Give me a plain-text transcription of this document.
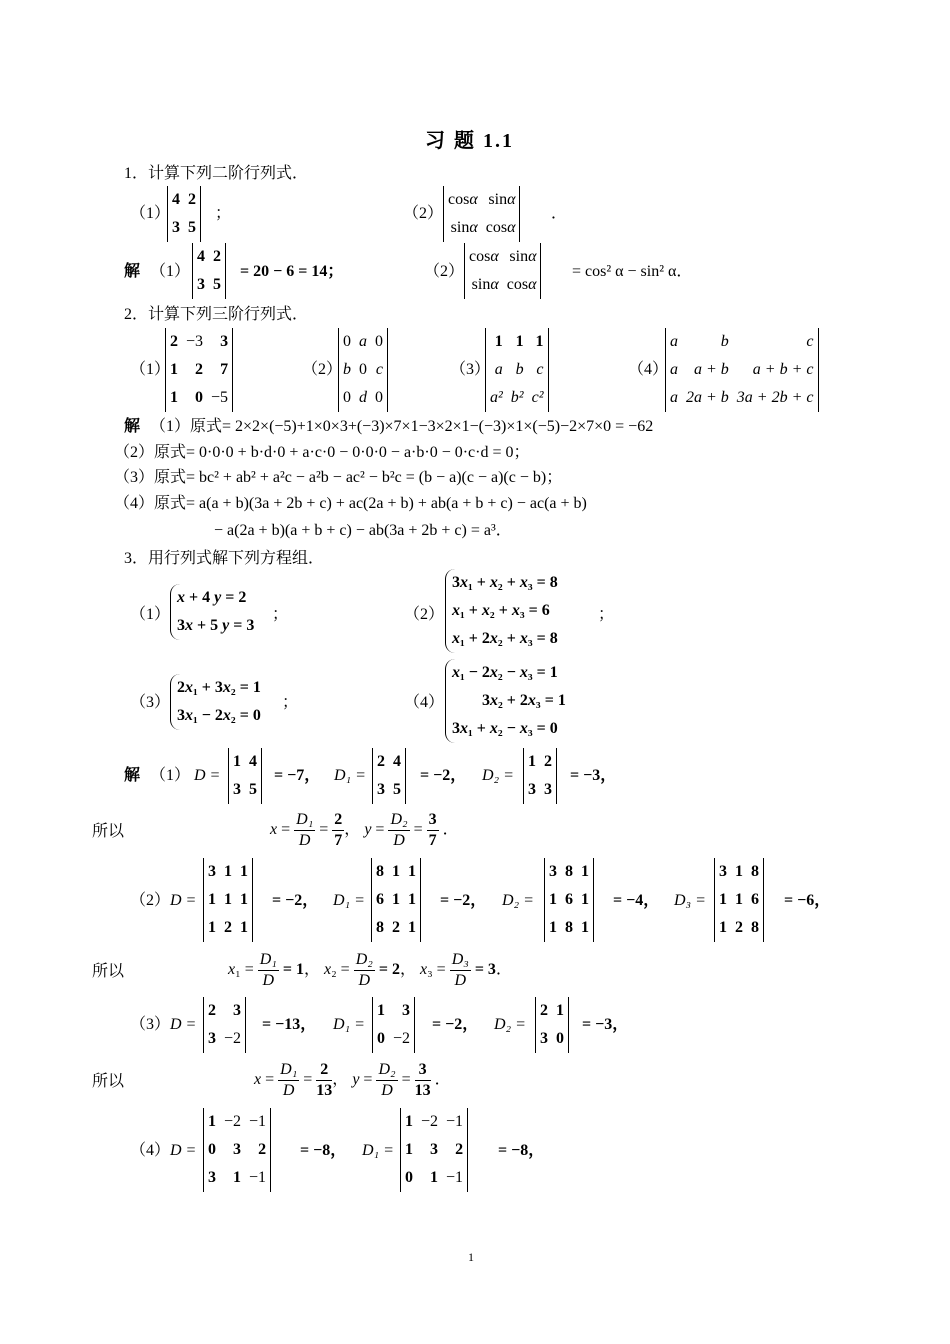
习 题 1.1
1．计算下列二阶行列式．
（1）
4	2
3	5
；	（2）
cosα	sinα
sinα	cosα
．
解 （1）
4	2
3	5
= 20 − 6 = 14；	（2）
cosα	sinα
sinα	cosα
= cos² α − sin² α．
2．计算下列三阶行列式．
（1）
2	−3	3
1	2	7
1	0	−5
（2）
0	a	0
b	0	c
0	d	0
（3）
1	1	1
a	b	c
a²	b²	c²
（4）
a	b	c
a	a + b	a + b + c
a	2a + b	3a + 2b + c
解 （1） 原式= 2×2×(−5)+1×0×3+(−3)×7×1−3×2×1−(−3)×1×(−5)−2×7×0 = −62
（2）原式= 0·0·0 + b·d·0 + a·c·0 − 0·0·0 − a·b·0 − 0·c·d = 0；
（3）原式= bc² + ab² + a²c − a²b − ac² − b²c = (b − a)(c − a)(c − b)；
（4）原式= a(a + b)(3a + 2b + c) + ac(2a + b) + ab(a + b + c) − ac(a + b)
− a(2a + b)(a + b + c) − ab(3a + 2b + c) = a³．
3．用行列式解下列方程组．
（1）
x + 4 y = 2
3x + 5 y = 3
；	（2）
3x₁ + x₂ + x₃ = 8
x₁ + x₂ + x₃ = 6
x₁ + 2x₂ + x₃ = 8
；
（3）
2x₁ + 3x₂ = 1
3x₁ − 2x₂ = 0
；	（4）
x₁ − 2x₂ − x₃ = 1
3x₂ + 2x₃ = 1
3x₁ + x₂ − x₃ = 0
解 （1） D =
1	4
3	5
= −7， D₁ =
2	4
3	5
= −2， D₂ =
1	2
3	3
= −3，
所以	$x = \frac{\text{D₁}}{D} = \frac{2}{7}$ ， $y = \frac{\text{D₂}}{D} = \frac{3}{7}$ ．
（2） D =
3	1	1
1	1	1
1	2	1
= −2， D₁ =
8	1	1
6	1	1
8	2	1
= −2， D₂ =
3	8	1
1	6	1
1	8	1
= −4， D₃ =
3	1	8
1	1	6
1	2	8
= −6，
所以	$x_1 = \frac{\text{D₁}}{D} = 1$， $x_2 = \frac{\text{D₂}}{D} = 2$， $x_3 = \frac{\text{D₃}}{D} = 3$．
（3） D =
2	3
3	−2
= −13， D₁ =
1	3
0	−2
= −2， D₂ =
2	1
3	0
= −3，
所以	$x = \frac{\text{D₁}}{D} = \frac{2}{13}$ ， $y = \frac{\text{D₂}}{D} = \frac{3}{13}$ ．
（4） D =
1	−2	−1
0	3	2
3	1	−1
= −8， D₁ =
1	−2	−1
1	3	2
0	1	−1
= −8，
1
